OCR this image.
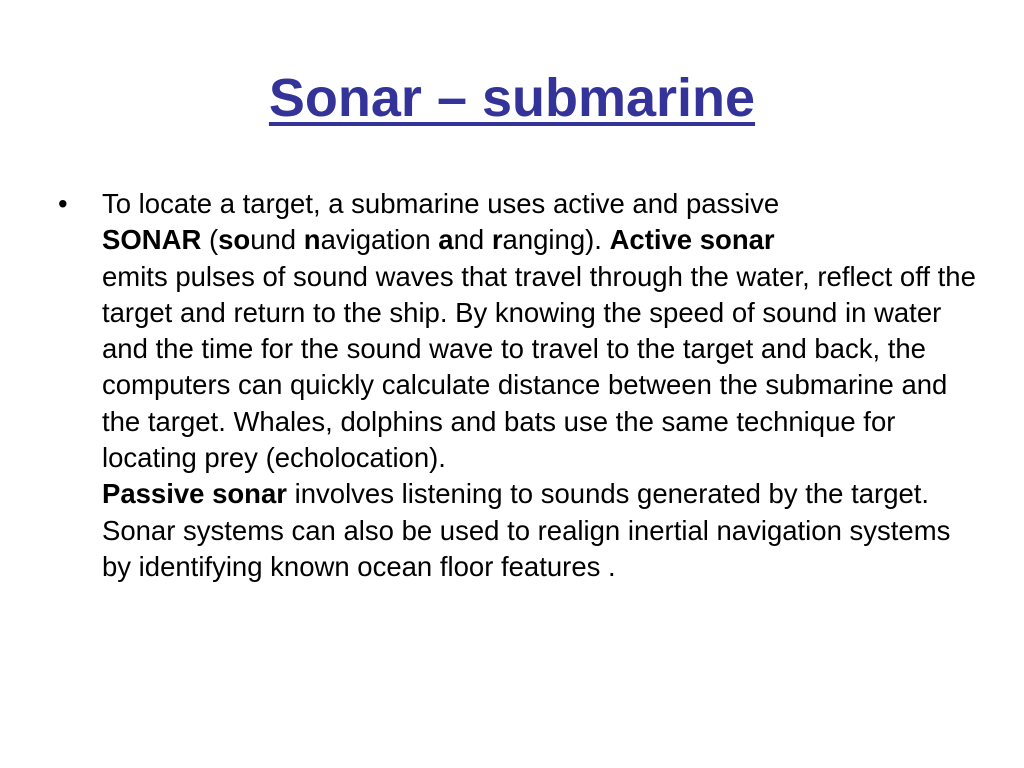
Sonar – submarine
•	To locate a target, a submarine uses active and passive
SONAR (sound navigation and ranging). Active sonar
emits pulses of sound waves that travel through the water, reflect off the target and return to the ship. By knowing the speed of sound in water and the time for the sound wave to travel to the target and back, the computers can quickly calculate distance between the submarine and the target. Whales, dolphins and bats use the same technique for locating prey (echolocation).
Passive sonar involves listening to sounds generated by the target. Sonar systems can also be used to realign inertial navigation systems by identifying known ocean floor features .
